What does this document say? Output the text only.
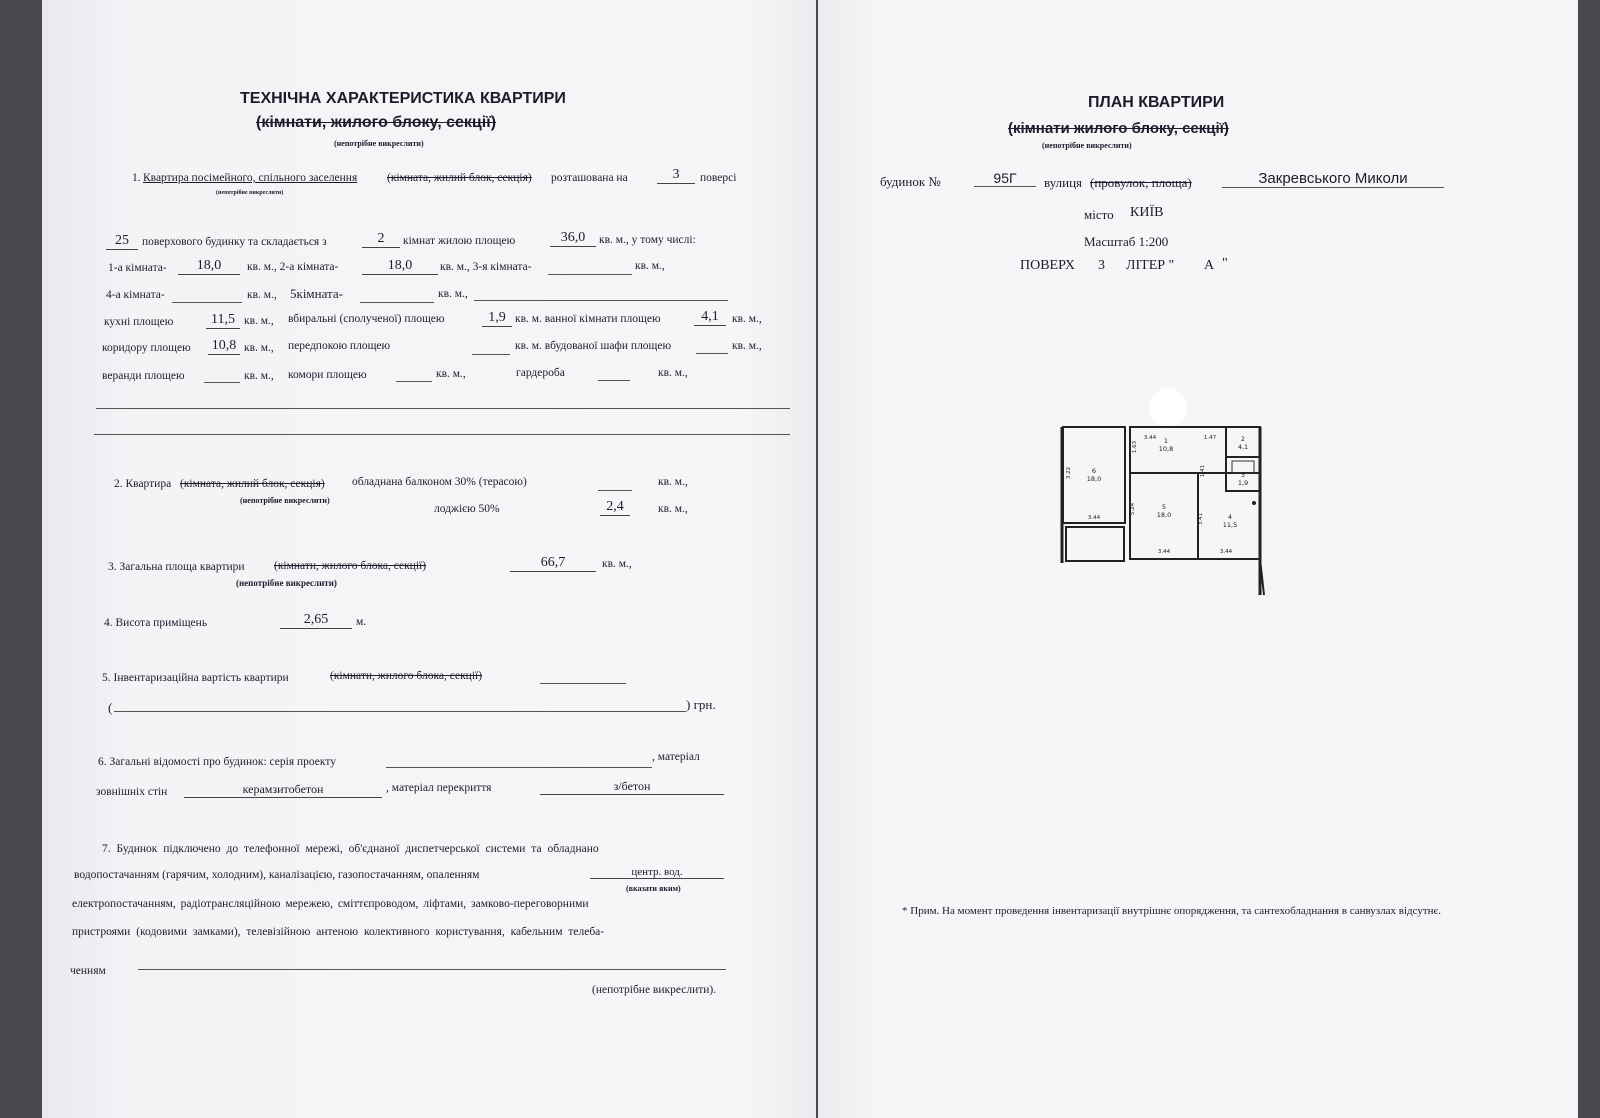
ТЕХНІЧНА ХАРАКТЕРИСТИКА КВАРТИРИ
(кімнати, жилого блоку, секції)
(непотрібне викреслити)
1. Квартира посімейного, спільного заселення	(кімната, жилий блок, секція) розташована на	3	поверсі
(непотрібне викреслити)
25	поверхового будинку та складається з	2	кімнат жилою площею	36,0	кв. м., у тому числі:
1-а кімната-	18,0	кв. м., 2-а кімната-	18,0	кв. м., 3-я кімната-	кв. м.,
4-а кімната-	кв. м., 5кімната-	кв. м.,
кухні площею	11,5 кв. м., вбиральні (сполученої) площею	1,9 кв. м. ванної кімнати площею	4,1	кв. м.,
коридору площею 10,8 кв. м., передпокою площею	кв. м. вбудованої шафи площею	кв. м.,
веранди площею	кв. м., комори площею	кв. м.,	гардероба	кв. м.,
2. Квартира (кімната, жилий блок, секція) обладнана балконом 30% (терасою)	кв. м.,
(непотрібне викреслити)
лоджією 50%	2,4	кв. м.,
3. Загальна площа квартири	(кімнати, жилого блока, секції)	66,7	кв. м.,
(непотрібне викреслити)
4. Висота приміщень	2,65	м.
5. Інвентаризаційна вартість квартири	(кімнати, жилого блока, секції)
(	) грн.
6. Загальні відомості про будинок: серія проекту	, матеріал
зовнішніх стін	керамзитобетон	, матеріал перекриття	з/бетон
7. Будинок підключено до телефонної мережі, об'єднаної диспетчерської системи та обладнано
водопостачанням (гарячим, холодним), каналізацією, газопостачанням, опаленням	центр. вод.
(вказати яким)
електропостачанням, радіотрансляційною мережею, сміттєпроводом, ліфтами, замково-переговорними
пристроями (кодовими замками), телевізійною антеною колективного користування, кабельним телеба-
ченням
(непотрібне викреслити).
ПЛАН КВАРТИРИ
(кімнати жилого блоку, секції)
(непотрібне викреслити)
будинок №	95Г	вулиця (провулок, площа)	Закревського Миколи
місто КИЇВ
Масштаб 1:200
ПОВЕРХ 3 ЛІТЕР " А "
1
10,8
2
4,1
3
1,9
4
11,5
5
18,0
6
18,0
3.44	1.47
1.63
3.22
3.44
5.24
3.44
3.41
3.44
1.41
* Прим. На момент проведення інвентаризації внутрішнє опорядження, та сантехобладнання в санвузлах відсутнє.
